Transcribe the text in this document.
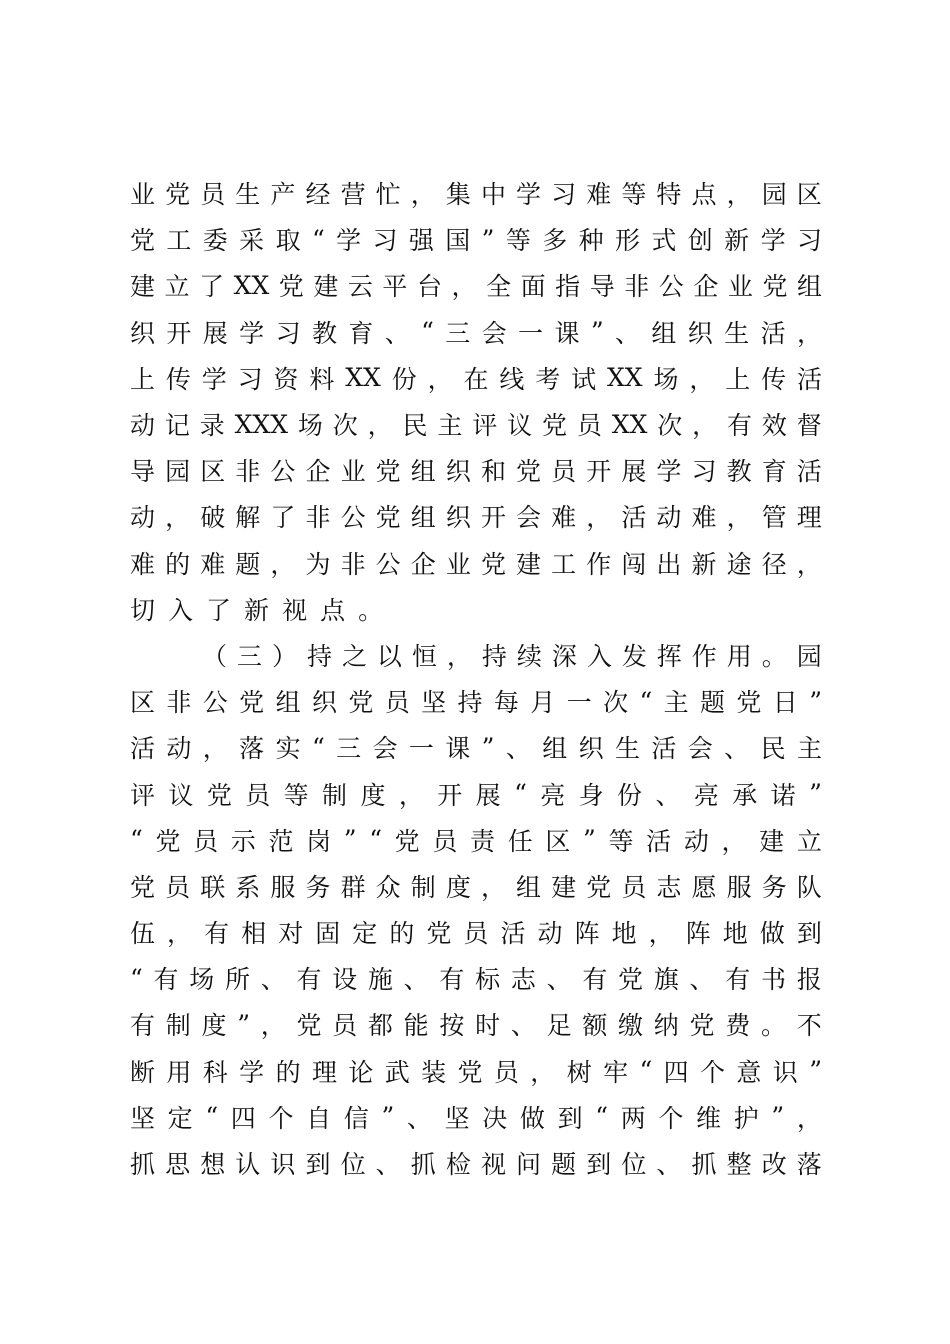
业 党 员 生 产 经 营 忙 ， 集 中 学 习 难 等 特 点 ， 园 区
党 工 委 采 取 “ 学 习 强 国 ” 等 多 种 形 式 创 新 学 习
建 立 了 XX 党 建 云 平 台 ， 全 面 指 导 非 公 企 业 党 组
织 开 展 学 习 教 育 、 “ 三 会 一 课 ” 、 组 织 生 活 ，
上 传 学 习 资 料 XX 份 ， 在 线 考 试 XX 场 ， 上 传 活
动 记 录 XXX 场 次 ， 民 主 评 议 党 员 XX 次 ， 有 效 督
导 园 区 非 公 企 业 党 组 织 和 党 员 开 展 学 习 教 育 活
动 ， 破 解 了 非 公 党 组 织 开 会 难 ， 活 动 难 ， 管 理
难 的 难 题 ， 为 非 公 企 业 党 建 工 作 闯 出 新 途 径 ，
切 入 了 新 视 点 。
（ 三 ） 持 之 以 恒 ， 持 续 深 入 发 挥 作 用 。 园
区 非 公 党 组 织 党 员 坚 持 每 月 一 次 “ 主 题 党 日 ”
活 动 ， 落 实 “ 三 会 一 课 ” 、 组 织 生 活 会 、 民 主
评 议 党 员 等 制 度 ， 开 展 “ 亮 身 份 、 亮 承 诺 ”
“ 党 员 示 范 岗 ” “ 党 员 责 任 区 ” 等 活 动 ， 建 立
党 员 联 系 服 务 群 众 制 度 ， 组 建 党 员 志 愿 服 务 队
伍 ， 有 相 对 固 定 的 党 员 活 动 阵 地 ， 阵 地 做 到
“ 有 场 所 、 有 设 施 、 有 标 志 、 有 党 旗 、 有 书 报
有 制 度 ” ， 党 员 都 能 按 时 、 足 额 缴 纳 党 费 。 不
断 用 科 学 的 理 论 武 装 党 员 ， 树 牢 “ 四 个 意 识 ”
坚 定 “ 四 个 自 信 ” 、 坚 决 做 到 “ 两 个 维 护 ” ，
抓 思 想 认 识 到 位 、 抓 检 视 问 题 到 位 、 抓 整 改 落
